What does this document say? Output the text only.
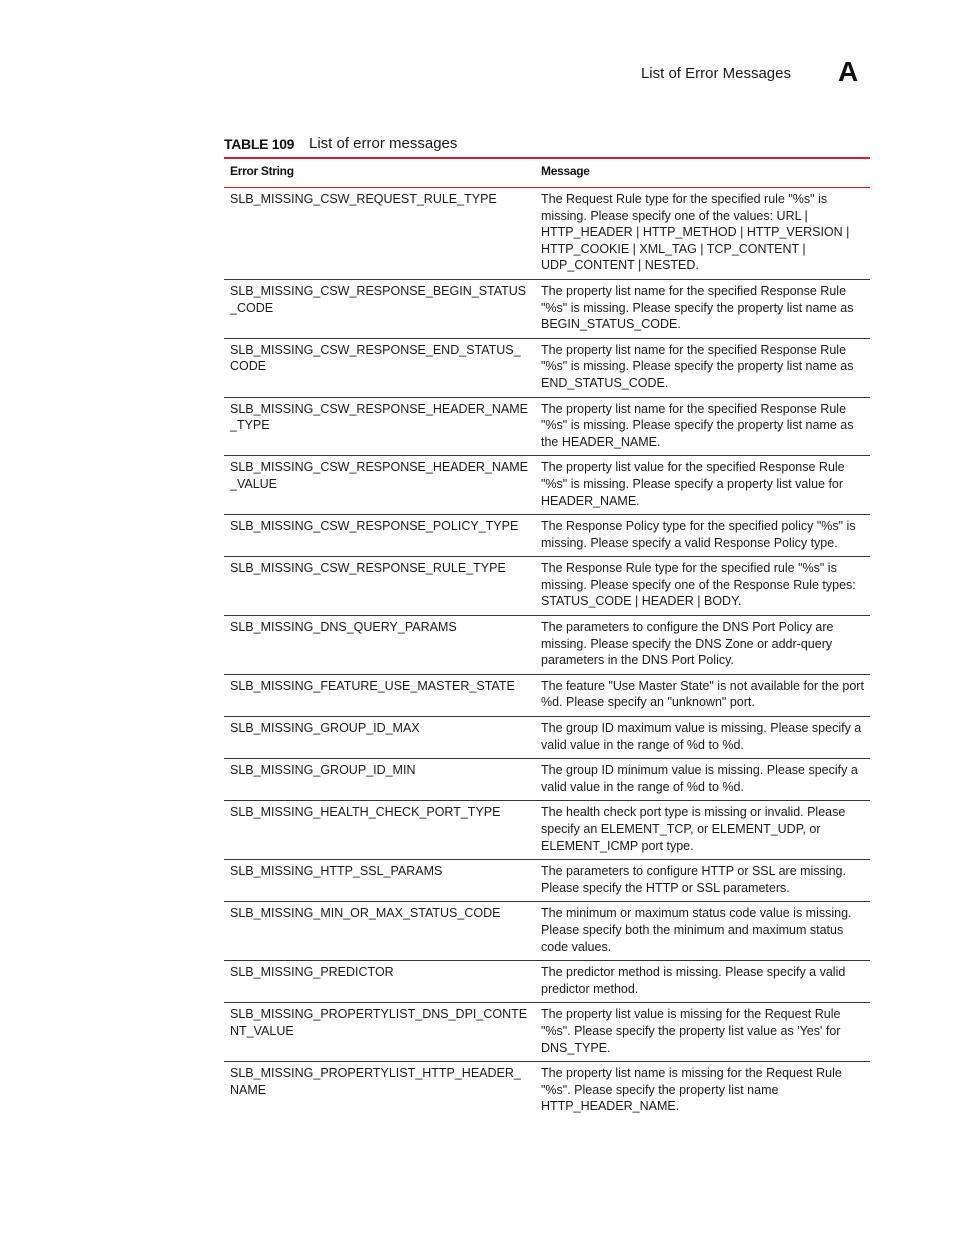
List of Error Messages A
TABLE 109 List of error messages
Error String	Message
SLB_MISSING_CSW_REQUEST_RULE_TYPE	The Request Rule type for the specified rule "%s" is missing. Please specify one of the values: URL | HTTP_HEADER | HTTP_METHOD | HTTP_VERSION | HTTP_COOKIE | XML_TAG | TCP_CONTENT | UDP_CONTENT | NESTED.
SLB_MISSING_CSW_RESPONSE_BEGIN_STATUS_CODE	The property list name for the specified Response Rule "%s" is missing. Please specify the property list name as BEGIN_STATUS_CODE.
SLB_MISSING_CSW_RESPONSE_END_STATUS_CODE	The property list name for the specified Response Rule "%s" is missing. Please specify the property list name as END_STATUS_CODE.
SLB_MISSING_CSW_RESPONSE_HEADER_NAME_TYPE	The property list name for the specified Response Rule "%s" is missing. Please specify the property list name as the HEADER_NAME.
SLB_MISSING_CSW_RESPONSE_HEADER_NAME_VALUE	The property list value for the specified Response Rule "%s" is missing. Please specify a property list value for HEADER_NAME.
SLB_MISSING_CSW_RESPONSE_POLICY_TYPE	The Response Policy type for the specified policy "%s" is missing. Please specify a valid Response Policy type.
SLB_MISSING_CSW_RESPONSE_RULE_TYPE	The Response Rule type for the specified rule "%s" is missing. Please specify one of the Response Rule types: STATUS_CODE | HEADER | BODY.
SLB_MISSING_DNS_QUERY_PARAMS	The parameters to configure the DNS Port Policy are missing. Please specify the DNS Zone or addr-query parameters in the DNS Port Policy.
SLB_MISSING_FEATURE_USE_MASTER_STATE	The feature "Use Master State" is not available for the port %d. Please specify an "unknown" port.
SLB_MISSING_GROUP_ID_MAX	The group ID maximum value is missing. Please specify a valid value in the range of %d to %d.
SLB_MISSING_GROUP_ID_MIN	The group ID minimum value is missing. Please specify a valid value in the range of %d to %d.
SLB_MISSING_HEALTH_CHECK_PORT_TYPE	The health check port type is missing or invalid. Please specify an ELEMENT_TCP, or ELEMENT_UDP, or ELEMENT_ICMP port type.
SLB_MISSING_HTTP_SSL_PARAMS	The parameters to configure HTTP or SSL are missing. Please specify the HTTP or SSL parameters.
SLB_MISSING_MIN_OR_MAX_STATUS_CODE	The minimum or maximum status code value is missing. Please specify both the minimum and maximum status code values.
SLB_MISSING_PREDICTOR	The predictor method is missing. Please specify a valid predictor method.
SLB_MISSING_PROPERTYLIST_DNS_DPI_CONTENT_VALUE	The property list value is missing for the Request Rule "%s". Please specify the property list value as 'Yes' for DNS_TYPE.
SLB_MISSING_PROPERTYLIST_HTTP_HEADER_NAME	The property list name is missing for the Request Rule "%s". Please specify the property list name HTTP_HEADER_NAME.
